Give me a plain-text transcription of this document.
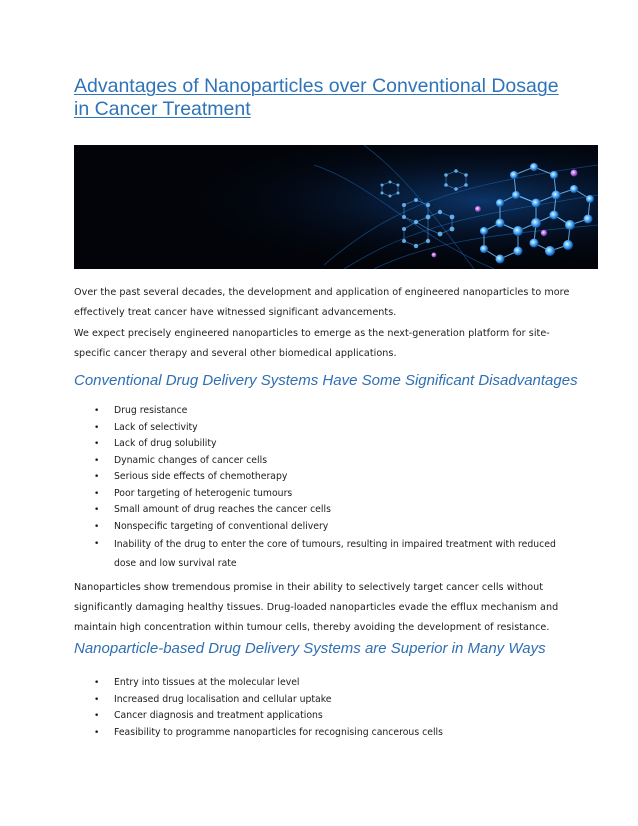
Advantages of Nanoparticles over Conventional Dosage in Cancer Treatment

Over the past several decades, the development and application of engineered nanoparticles to more effectively treat cancer have witnessed significant advancements.

We expect precisely engineered nanoparticles to emerge as the next-generation platform for site-specific cancer therapy and several other biomedical applications.

Conventional Drug Delivery Systems Have Some Significant Disadvantages
• Drug resistance
• Lack of selectivity
• Lack of drug solubility
• Dynamic changes of cancer cells
• Serious side effects of chemotherapy
• Poor targeting of heterogenic tumours
• Small amount of drug reaches the cancer cells
• Nonspecific targeting of conventional delivery
• Inability of the drug to enter the core of tumours, resulting in impaired treatment with reduced dose and low survival rate

Nanoparticles show tremendous promise in their ability to selectively target cancer cells without significantly damaging healthy tissues. Drug-loaded nanoparticles evade the efflux mechanism and maintain high concentration within tumour cells, thereby avoiding the development of resistance.

Nanoparticle-based Drug Delivery Systems are Superior in Many Ways
• Entry into tissues at the molecular level
• Increased drug localisation and cellular uptake
• Cancer diagnosis and treatment applications
• Feasibility to programme nanoparticles for recognising cancerous cells
